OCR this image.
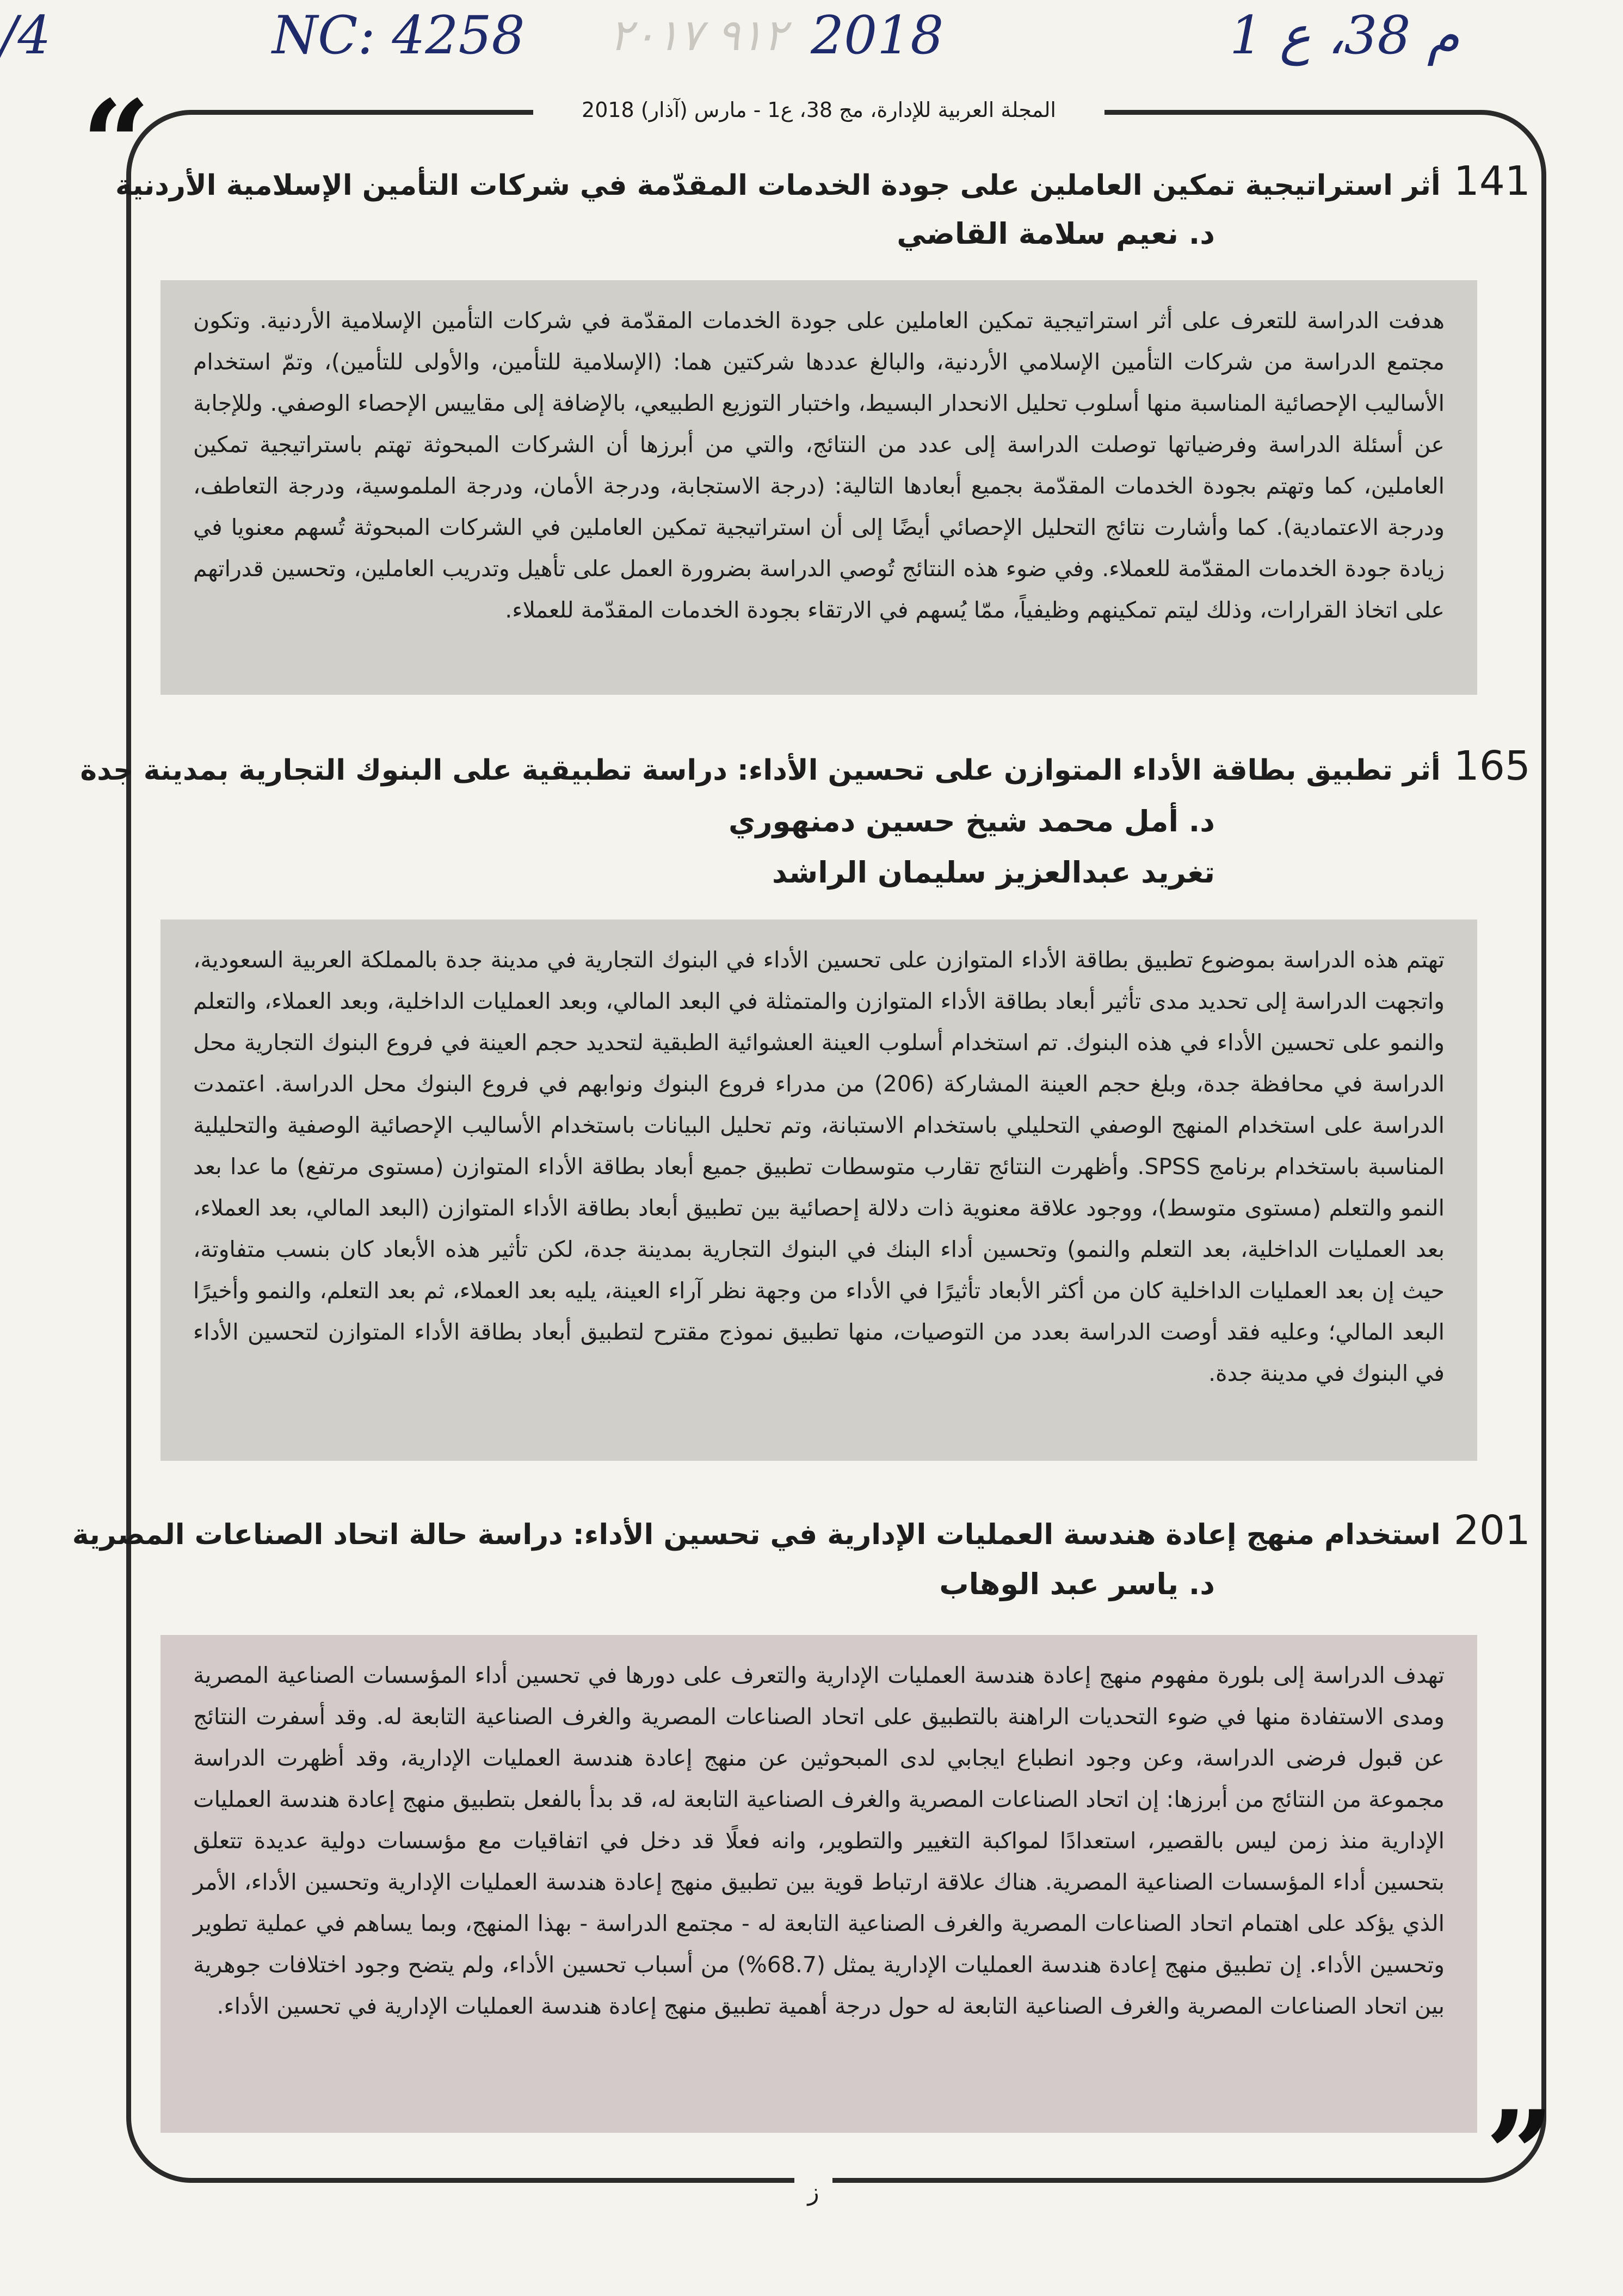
/4	NC: 4258 ٩١٢ ٢٠١٧ 2018	م 38، ع 1
المجلة العربية للإدارة، مج 38، ع1 - مارس (آذار) 2018
“
”
141أثر استراتيجية تمكين العاملين على جودة الخدمات المقدّمة في شركات التأمين الإسلامية الأردنية
د. نعيم سلامة القاضي
هدفت الدراسة للتعرف على أثر استراتيجية تمكين العاملين على جودة الخدمات المقدّمة في شركات التأمين الإسلامية الأردنية. وتكون مجتمع الدراسة من شركات التأمين الإسلامي الأردنية، والبالغ عددها شركتين هما: (الإسلامية للتأمين، والأولى للتأمين)، وتمّ استخدام الأساليب الإحصائية المناسبة منها أسلوب تحليل الانحدار البسيط، واختبار التوزيع الطبيعي، بالإضافة إلى مقاييس الإحصاء الوصفي. وللإجابة عن أسئلة الدراسة وفرضياتها توصلت الدراسة إلى عدد من النتائج، والتي من أبرزها أن الشركات المبحوثة تهتم باستراتيجية تمكين العاملين، كما وتهتم بجودة الخدمات المقدّمة بجميع أبعادها التالية: (درجة الاستجابة، ودرجة الأمان، ودرجة الملموسية، ودرجة التعاطف، ودرجة الاعتمادية). كما وأشارت نتائج التحليل الإحصائي أيضًا إلى أن استراتيجية تمكين العاملين في الشركات المبحوثة تُسهم معنويا في زيادة جودة الخدمات المقدّمة للعملاء. وفي ضوء هذه النتائج تُوصي الدراسة بضرورة العمل على تأهيل وتدريب العاملين، وتحسين قدراتهم على اتخاذ القرارات، وذلك ليتم تمكينهم وظيفياً، ممّا يُسهم في الارتقاء بجودة الخدمات المقدّمة للعملاء.
165أثر تطبيق بطاقة الأداء المتوازن على تحسين الأداء: دراسة تطبيقية على البنوك التجارية بمدينة جدة
د. أمل محمد شيخ حسين دمنهوري
تغريد عبدالعزيز سليمان الراشد
تهتم هذه الدراسة بموضوع تطبيق بطاقة الأداء المتوازن على تحسين الأداء في البنوك التجارية في مدينة جدة بالمملكة العربية السعودية، واتجهت الدراسة إلى تحديد مدى تأثير أبعاد بطاقة الأداء المتوازن والمتمثلة في البعد المالي، وبعد العمليات الداخلية، وبعد العملاء، والتعلم والنمو على تحسين الأداء في هذه البنوك. تم استخدام أسلوب العينة العشوائية الطبقية لتحديد حجم العينة في فروع البنوك التجارية محل الدراسة في محافظة جدة، وبلغ حجم العينة المشاركة (206) من مدراء فروع البنوك ونوابهم في فروع البنوك محل الدراسة. اعتمدت الدراسة على استخدام المنهج الوصفي التحليلي باستخدام الاستبانة، وتم تحليل البيانات باستخدام الأساليب الإحصائية الوصفية والتحليلية المناسبة باستخدام برنامج SPSS. وأظهرت النتائج تقارب متوسطات تطبيق جميع أبعاد بطاقة الأداء المتوازن (مستوى مرتفع) ما عدا بعد النمو والتعلم (مستوى متوسط)، ووجود علاقة معنوية ذات دلالة إحصائية بين تطبيق أبعاد بطاقة الأداء المتوازن (البعد المالي، بعد العملاء، بعد العمليات الداخلية، بعد التعلم والنمو) وتحسين أداء البنك في البنوك التجارية بمدينة جدة، لكن تأثير هذه الأبعاد كان بنسب متفاوتة، حيث إن بعد العمليات الداخلية كان من أكثر الأبعاد تأثيرًا في الأداء من وجهة نظر آراء العينة، يليه بعد العملاء، ثم بعد التعلم، والنمو وأخيرًا البعد المالي؛ وعليه فقد أوصت الدراسة بعدد من التوصيات، منها تطبيق نموذج مقترح لتطبيق أبعاد بطاقة الأداء المتوازن لتحسين الأداء في البنوك في مدينة جدة.
201استخدام منهج إعادة هندسة العمليات الإدارية في تحسين الأداء: دراسة حالة اتحاد الصناعات المصرية
د. ياسر عبد الوهاب
تهدف الدراسة إلى بلورة مفهوم منهج إعادة هندسة العمليات الإدارية والتعرف على دورها في تحسين أداء المؤسسات الصناعية المصرية ومدى الاستفادة منها في ضوء التحديات الراهنة بالتطبيق على اتحاد الصناعات المصرية والغرف الصناعية التابعة له. وقد أسفرت النتائج عن قبول فرضى الدراسة، وعن وجود انطباع ايجابي لدى المبحوثين عن منهج إعادة هندسة العمليات الإدارية، وقد أظهرت الدراسة مجموعة من النتائج من أبرزها: إن اتحاد الصناعات المصرية والغرف الصناعية التابعة له، قد بدأ بالفعل بتطبيق منهج إعادة هندسة العمليات الإدارية منذ زمن ليس بالقصير، استعدادًا لمواكبة التغيير والتطوير، وانه فعلًا قد دخل في اتفاقيات مع مؤسسات دولية عديدة تتعلق بتحسين أداء المؤسسات الصناعية المصرية. هناك علاقة ارتباط قوية بين تطبيق منهج إعادة هندسة العمليات الإدارية وتحسين الأداء، الأمر الذي يؤكد على اهتمام اتحاد الصناعات المصرية والغرف الصناعية التابعة له - مجتمع الدراسة - بهذا المنهج، وبما يساهم في عملية تطوير وتحسين الأداء. إن تطبيق منهج إعادة هندسة العمليات الإدارية يمثل (68.7%) من أسباب تحسين الأداء، ولم يتضح وجود اختلافات جوهرية بين اتحاد الصناعات المصرية والغرف الصناعية التابعة له حول درجة أهمية تطبيق منهج إعادة هندسة العمليات الإدارية في تحسين الأداء.
ز
